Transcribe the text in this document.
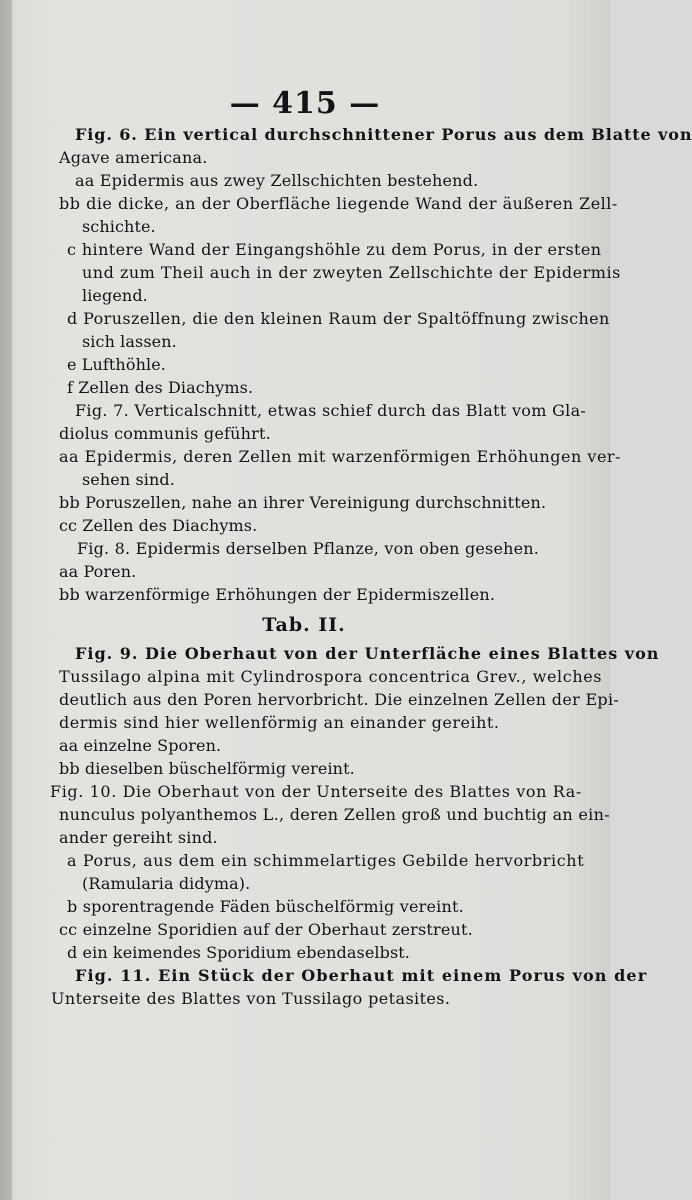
— 415 —
Fig. 6. Ein vertical durchschnittener Porus aus dem Blatte von
Agave americana.
aa Epidermis aus zwey Zellschichten bestehend.
bb die dicke, an der Oberfläche liegende Wand der äußeren Zell-
schichte.
c hintere Wand der Eingangshöhle zu dem Porus, in der ersten
und zum Theil auch in der zweyten Zellschichte der Epidermis
liegend.
d Poruszellen, die den kleinen Raum der Spaltöffnung zwischen
sich lassen.
e Lufthöhle.
f Zellen des Diachyms.
Fig. 7. Verticalschnitt, etwas schief durch das Blatt vom Gla-
diolus communis geführt.
aa Epidermis, deren Zellen mit warzenförmigen Erhöhungen ver-
sehen sind.
bb Poruszellen, nahe an ihrer Vereinigung durchschnitten.
cc Zellen des Diachyms.
Fig. 8. Epidermis derselben Pflanze, von oben gesehen.
aa Poren.
bb warzenförmige Erhöhungen der Epidermiszellen.
Tab. II.
Fig. 9. Die Oberhaut von der Unterfläche eines Blattes von
Tussilago alpina mit Cylindrospora concentrica Grev., welches
deutlich aus den Poren hervorbricht. Die einzelnen Zellen der Epi-
dermis sind hier wellenförmig an einander gereiht.
aa einzelne Sporen.
bb dieselben büschelförmig vereint.
Fig. 10. Die Oberhaut von der Unterseite des Blattes von Ra-
nunculus polyanthemos L., deren Zellen groß und buchtig an ein-
ander gereiht sind.
a Porus, aus dem ein schimmelartiges Gebilde hervorbricht
(Ramularia didyma).
b sporentragende Fäden büschelförmig vereint.
cc einzelne Sporidien auf der Oberhaut zerstreut.
d ein keimendes Sporidium ebendaselbst.
Fig. 11. Ein Stück der Oberhaut mit einem Porus von der
Unterseite des Blattes von Tussilago petasites.
